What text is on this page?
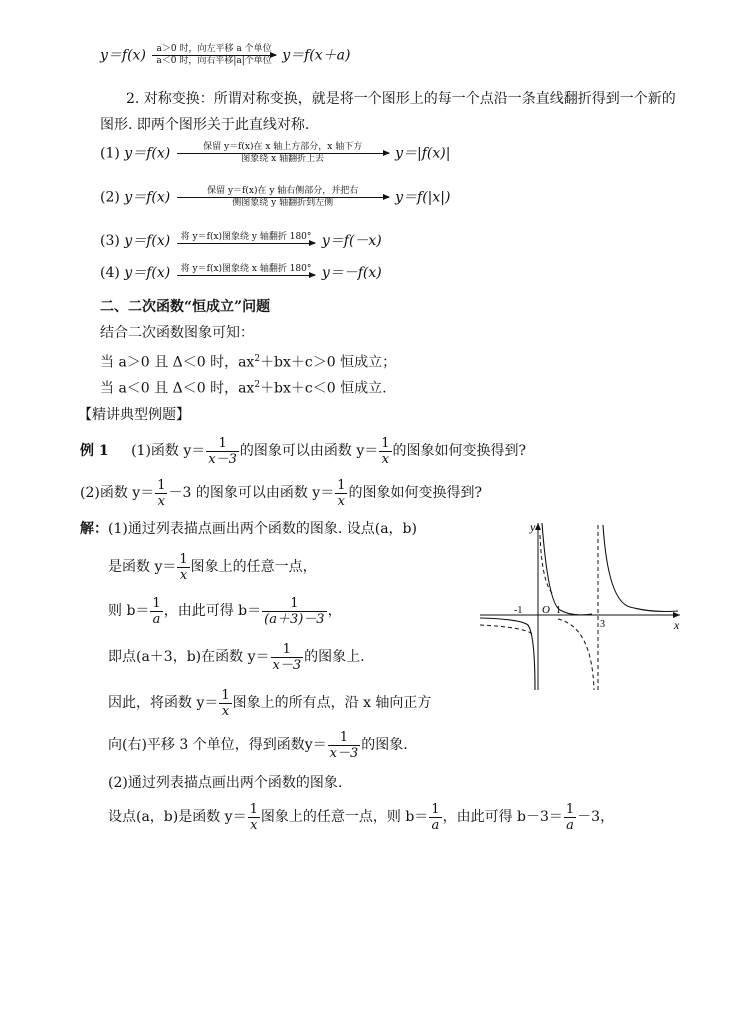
y＝f(x)	a＞0 时，向左平移 a 个单位
a＜0 时，向右平移|a|个单位 y＝f(x＋a)
2. 对称变换：所谓对称变换，就是将一个图形上的每一个点沿一条直线翻折得到一个新的
图形. 即两个图形关于此直线对称.
(1) y＝f(x)	保留 y＝f(x)在 x 轴上方部分，x 轴下方
图象绕 x 轴翻折上去	y＝|f(x)|
(2) y＝f(x)	保留 y＝f(x)在 y 轴右侧部分，并把右
侧图象绕 y 轴翻折到左侧	y＝f(|x|)
(3) y＝f(x)	将 y＝f(x)图象绕 y 轴翻折 180° y＝f(－x)
(4) y＝f(x)	将 y＝f(x)图象绕 x 轴翻折 180° y＝－f(x)
二、二次函数“恒成立”问题
结合二次函数图象可知：
当 a＞0 且 Δ＜0 时，$ax^2+bx+c>0$ 恒成立；
当 a＜0 且 Δ＜0 时，$ax^2+bx+c<0$ 恒成立.
【精讲典型例题】
例 1 (1)函数 $y= \frac{1}{x-3}$ 的图象可以由函数 $y= \frac{1}{x}$ 的图象如何变换得到?
(2)函数 $y= \frac{1}{x} -3$ 的图象可以由函数 $y= \frac{1}{x}$ 的图象如何变换得到?
解：(1)通过列表描点画出两个函数的图象. 设点(a，b)
是函数 $y= \frac{1}{x}$ 图象上的任意一点，
则 $b= \frac{1}{a}$ ，由此可得 $b= \frac{1}{(a+3)-3}$ ，
即点(a＋3，b)在函数 $y= \frac{1}{x-3}$ 的图象上.
因此，将函数 $y= \frac{1}{x}$ 图象上的所有点，沿 x 轴向正方
向(右)平移 3 个单位，得到函数$y= \frac{1}{x-3}$ 的图象.
(2)通过列表描点画出两个函数的图象.
设点(a，b)是函数 $y= \frac{1}{x}$ 图象上的任意一点，则 $b= \frac{1}{a}$ ，由此可得 $b-3= \frac{1}{a} -3$，
y
x
O
-1	1
3
